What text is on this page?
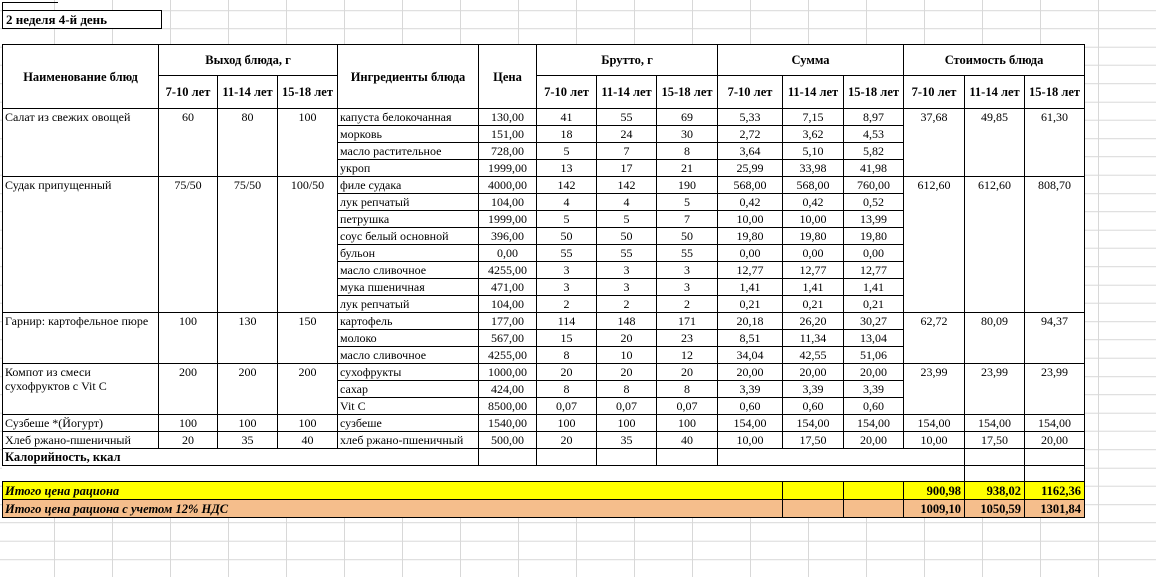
2 неделя 4-й день
Наименование блюд	Выход блюда, г			Ингредиенты блюда	Цена	Брутто, г			Сумма			Стоимость блюда		
	7-10 лет	11-14 лет	15-18 лет			7-10 лет	11-14 лет	15-18 лет	7-10 лет	11-14 лет	15-18 лет	7-10 лет	11-14 лет	15-18 лет
Салат из свежих овощей	60	80	100	капуста белокочанная	130,00	41	55	69	5,33	7,15	8,97	37,68	49,85	61,30
				морковь	151,00	18	24	30	2,72	3,62	4,53			
				масло растительное	728,00	5	7	8	3,64	5,10	5,82			
				укроп	1999,00	13	17	21	25,99	33,98	41,98			
Судак припущенный	75/50	75/50	100/50	филе судака	4000,00	142	142	190	568,00	568,00	760,00	612,60	612,60	808,70
				лук репчатый	104,00	4	4	5	0,42	0,42	0,52			
				петрушка	1999,00	5	5	7	10,00	10,00	13,99			
				соус белый основной	396,00	50	50	50	19,80	19,80	19,80			
				бульон	0,00	55	55	55	0,00	0,00	0,00			
				масло сливочное	4255,00	3	3	3	12,77	12,77	12,77			
				мука пшеничная	471,00	3	3	3	1,41	1,41	1,41			
				лук репчатый	104,00	2	2	2	0,21	0,21	0,21			
Гарнир: картофельное пюре	100	130	150	картофель	177,00	114	148	171	20,18	26,20	30,27	62,72	80,09	94,37
				молоко	567,00	15	20	23	8,51	11,34	13,04			
				масло сливочное	4255,00	8	10	12	34,04	42,55	51,06			
Компот из смеси сухофруктов с Vit C	200	200	200	сухофрукты	1000,00	20	20	20	20,00	20,00	20,00	23,99	23,99	23,99
				сахар	424,00	8	8	8	3,39	3,39	3,39			
				Vit C	8500,00	0,07	0,07	0,07	0,60	0,60	0,60			
Сузбеше *(Йогурт)	100	100	100	сузбеше	1540,00	100	100	100	154,00	154,00	154,00	154,00	154,00	154,00
Хлеб ржано-пшеничный	20	35	40	хлеб ржано-пшеничный	500,00	20	35	40	10,00	17,50	20,00	10,00	17,50	20,00
Калорийность, ккал														

Итого цена рациона												900,98	938,02	1162,36
Итого цена рациона с учетом 12% НДС												1009,10	1050,59	1301,84
